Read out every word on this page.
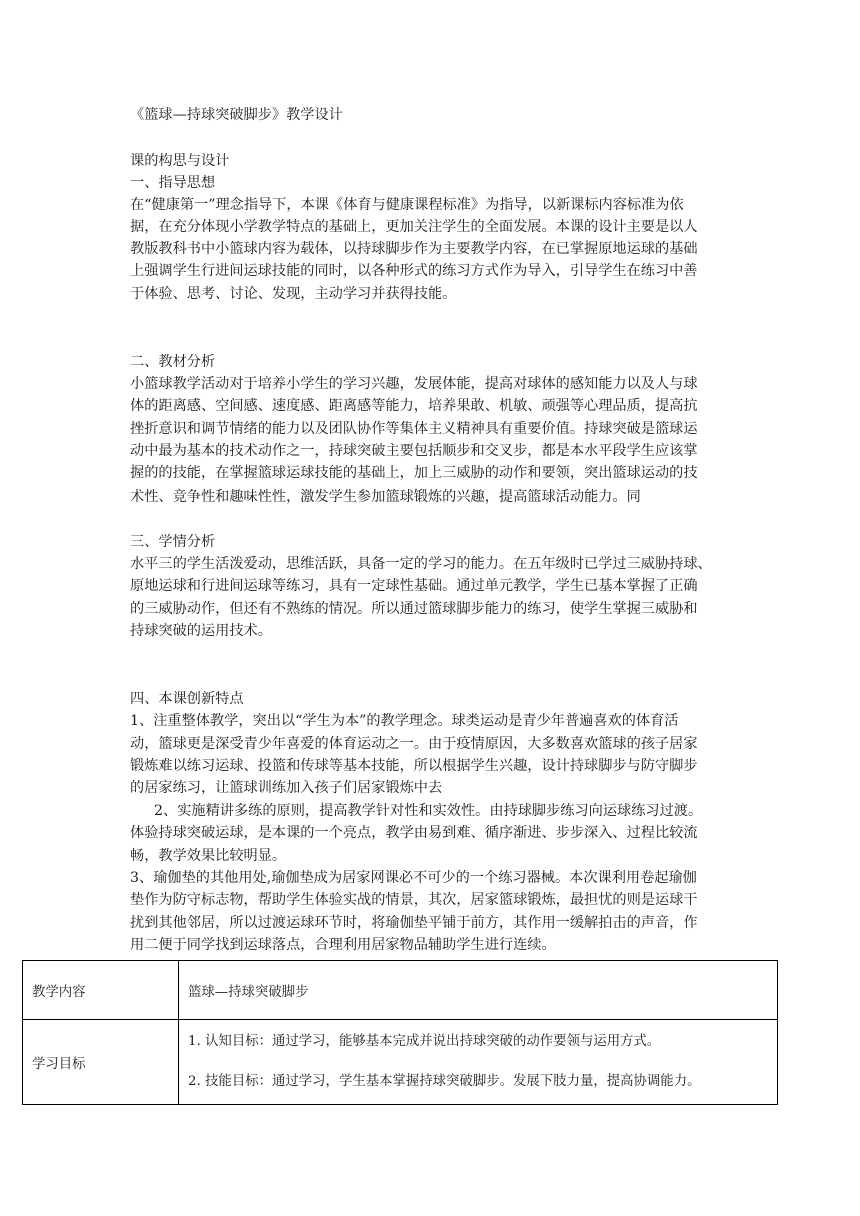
《篮球—持球突破脚步》教学设计
课的构思与设计
一、指导思想
在“健康第一”理念指导下，本课《体育与健康课程标准》为指导，以新课标内容标准为依
据，在充分体现小学教学特点的基础上，更加关注学生的全面发展。本课的设计主要是以人
教版教科书中小篮球内容为载体，以持球脚步作为主要教学内容，在已掌握原地运球的基础
上强调学生行进间运球技能的同时，以各种形式的练习方式作为导入，引导学生在练习中善
于体验、思考、讨论、发现，主动学习并获得技能。
二、教材分析
小篮球教学活动对于培养小学生的学习兴趣，发展体能，提高对球体的感知能力以及人与球
体的距离感、空间感、速度感、距离感等能力，培养果敢、机敏、顽强等心理品质，提高抗
挫折意识和调节情绪的能力以及团队协作等集体主义精神具有重要价值。持球突破是篮球运
动中最为基本的技术动作之一，持球突破主要包括顺步和交叉步，都是本水平段学生应该掌
握的的技能，在掌握篮球运球技能的基础上，加上三威胁的动作和要领，突出篮球运动的技
术性、竞争性和趣味性性，激发学生参加篮球锻炼的兴趣，提高篮球活动能力。同
三、学情分析
水平三的学生活泼爱动，思维活跃，具备一定的学习的能力。在五年级时已学过三威胁持球、
原地运球和行进间运球等练习，具有一定球性基础。通过单元教学，学生已基本掌握了正确
的三威胁动作，但还有不熟练的情况。所以通过篮球脚步能力的练习，使学生掌握三威胁和
持球突破的运用技术。
四、本课创新特点
1、注重整体教学，突出以“学生为本”的教学理念。球类运动是青少年普遍喜欢的体育活
动，篮球更是深受青少年喜爱的体育运动之一。由于疫情原因，大多数喜欢篮球的孩子居家
锻炼难以练习运球、投篮和传球等基本技能，所以根据学生兴趣，设计持球脚步与防守脚步
的居家练习，让篮球训练加入孩子们居家锻炼中去
2、实施精讲多练的原则，提高教学针对性和实效性。由持球脚步练习向运球练习过渡。
体验持球突破运球，是本课的一个亮点，教学由易到难、循序渐进、步步深入、过程比较流
畅，教学效果比较明显。
3、瑜伽垫的其他用处,瑜伽垫成为居家网课必不可少的一个练习器械。本次课利用卷起瑜伽
垫作为防守标志物，帮助学生体验实战的情景，其次，居家篮球锻炼，最担忧的则是运球干
扰到其他邻居，所以过渡运球环节时，将瑜伽垫平铺于前方，其作用一缓解拍击的声音，作
用二便于同学找到运球落点，合理利用居家物品辅助学生进行连续。
教学内容	篮球—持球突破脚步
学习目标	1. 认知目标：通过学习，能够基本完成并说出持球突破的动作要领与运用方式。
2. 技能目标：通过学习，学生基本掌握持球突破脚步。发展下肢力量，提高协调能力。
